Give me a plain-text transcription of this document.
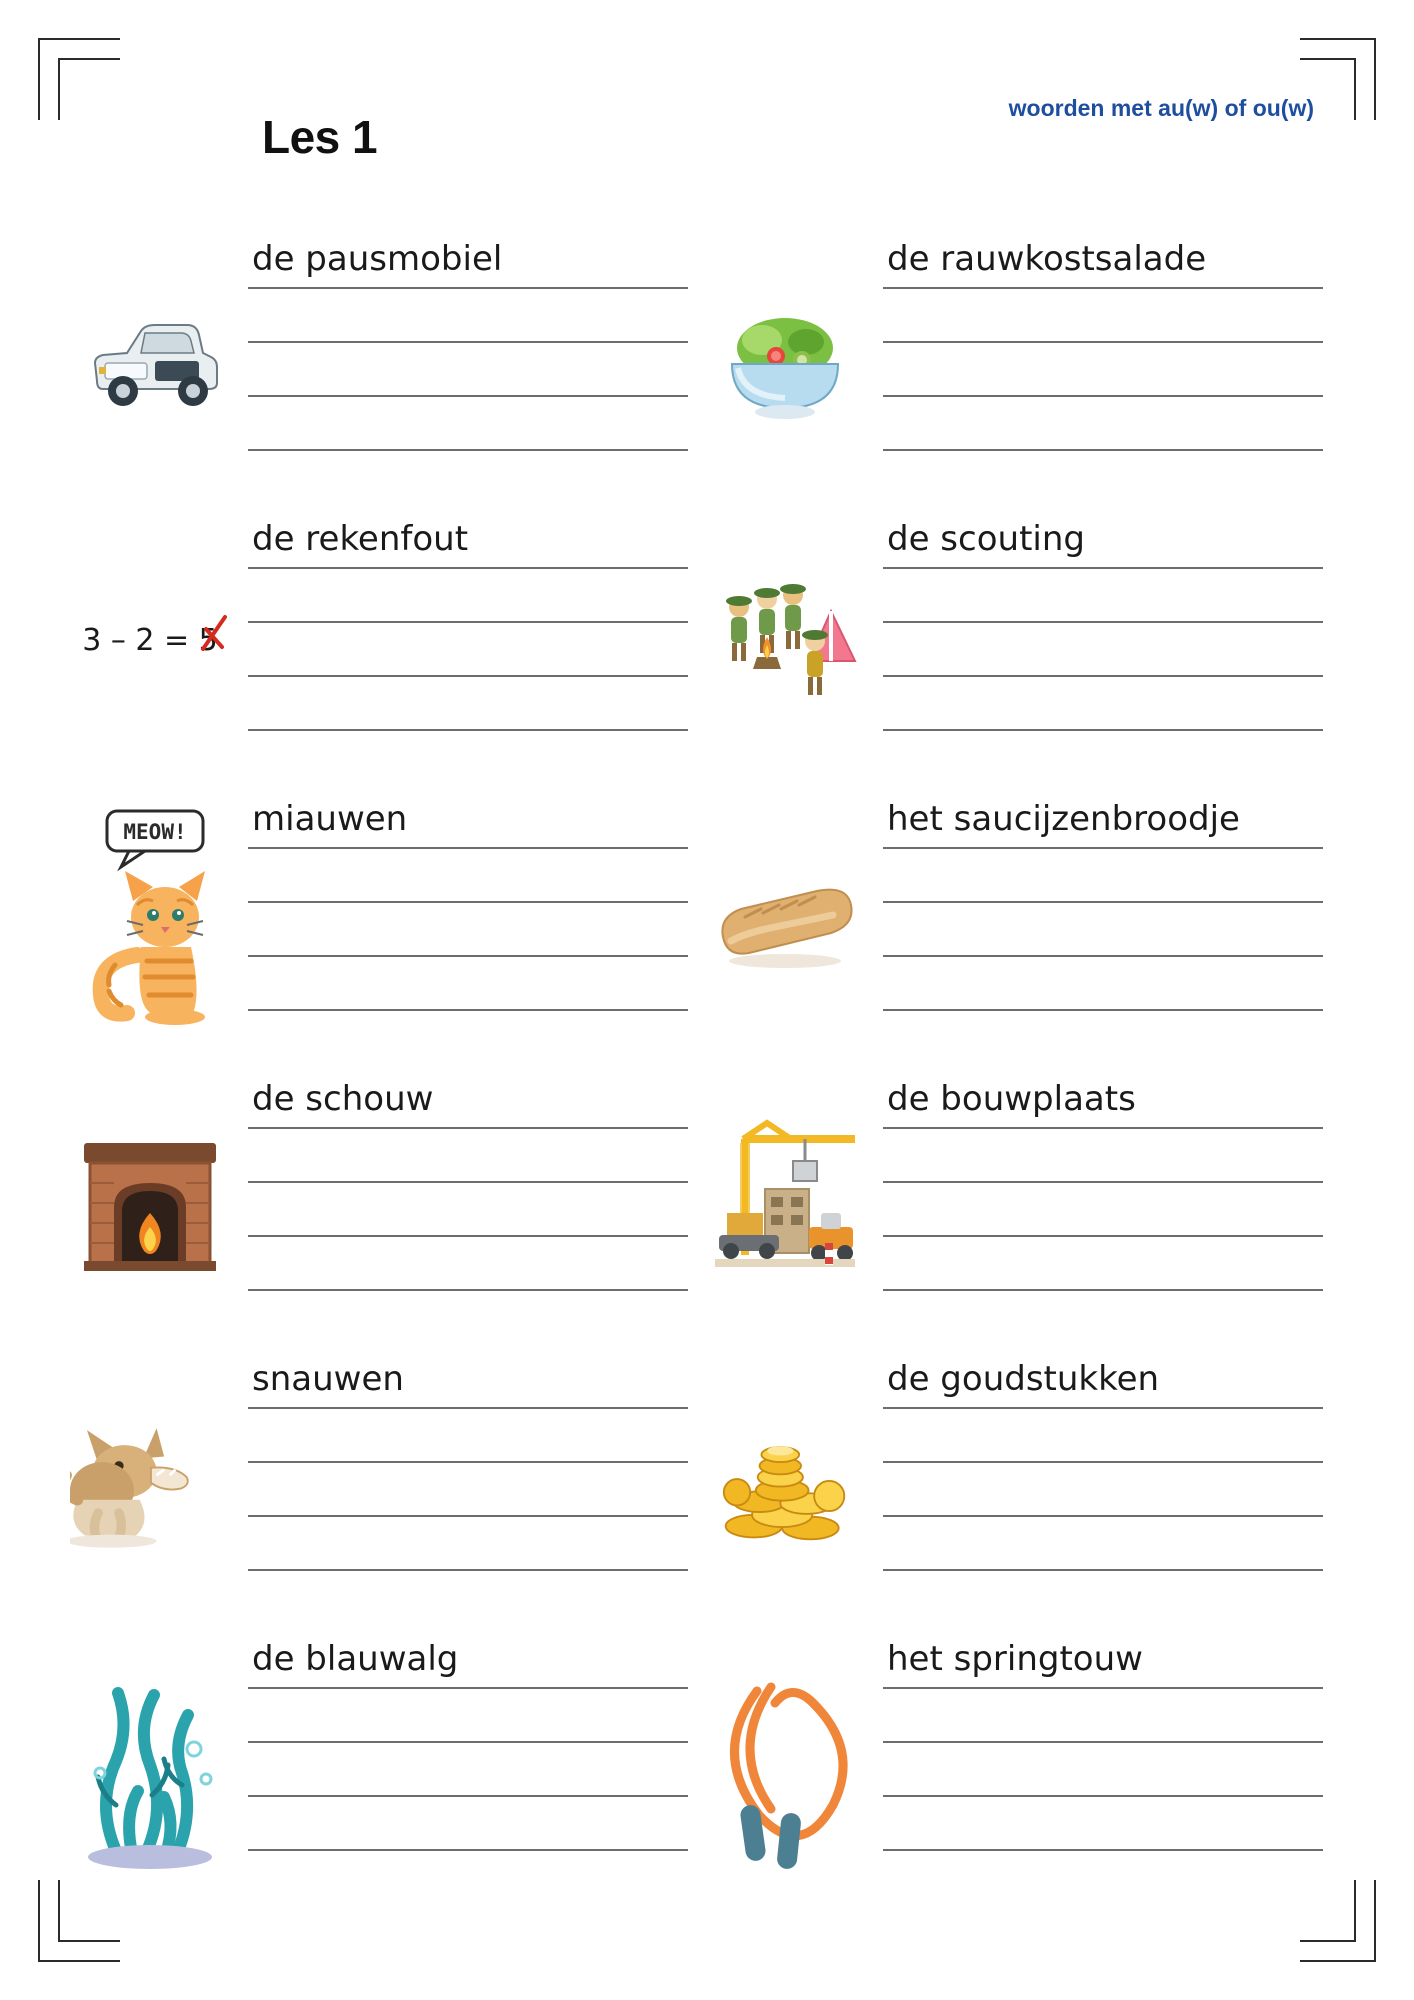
Les 1
woorden met au(w) of ou(w)
de pausmobiel	de rauwkostsalade
3 – 2 = 5
de rekenfout	de scouting
MEOW! miauwen	het saucijzenbroodje
de schouw	de bouwplaats
snauwen	de goudstukken
de blauwalg	het springtouw
